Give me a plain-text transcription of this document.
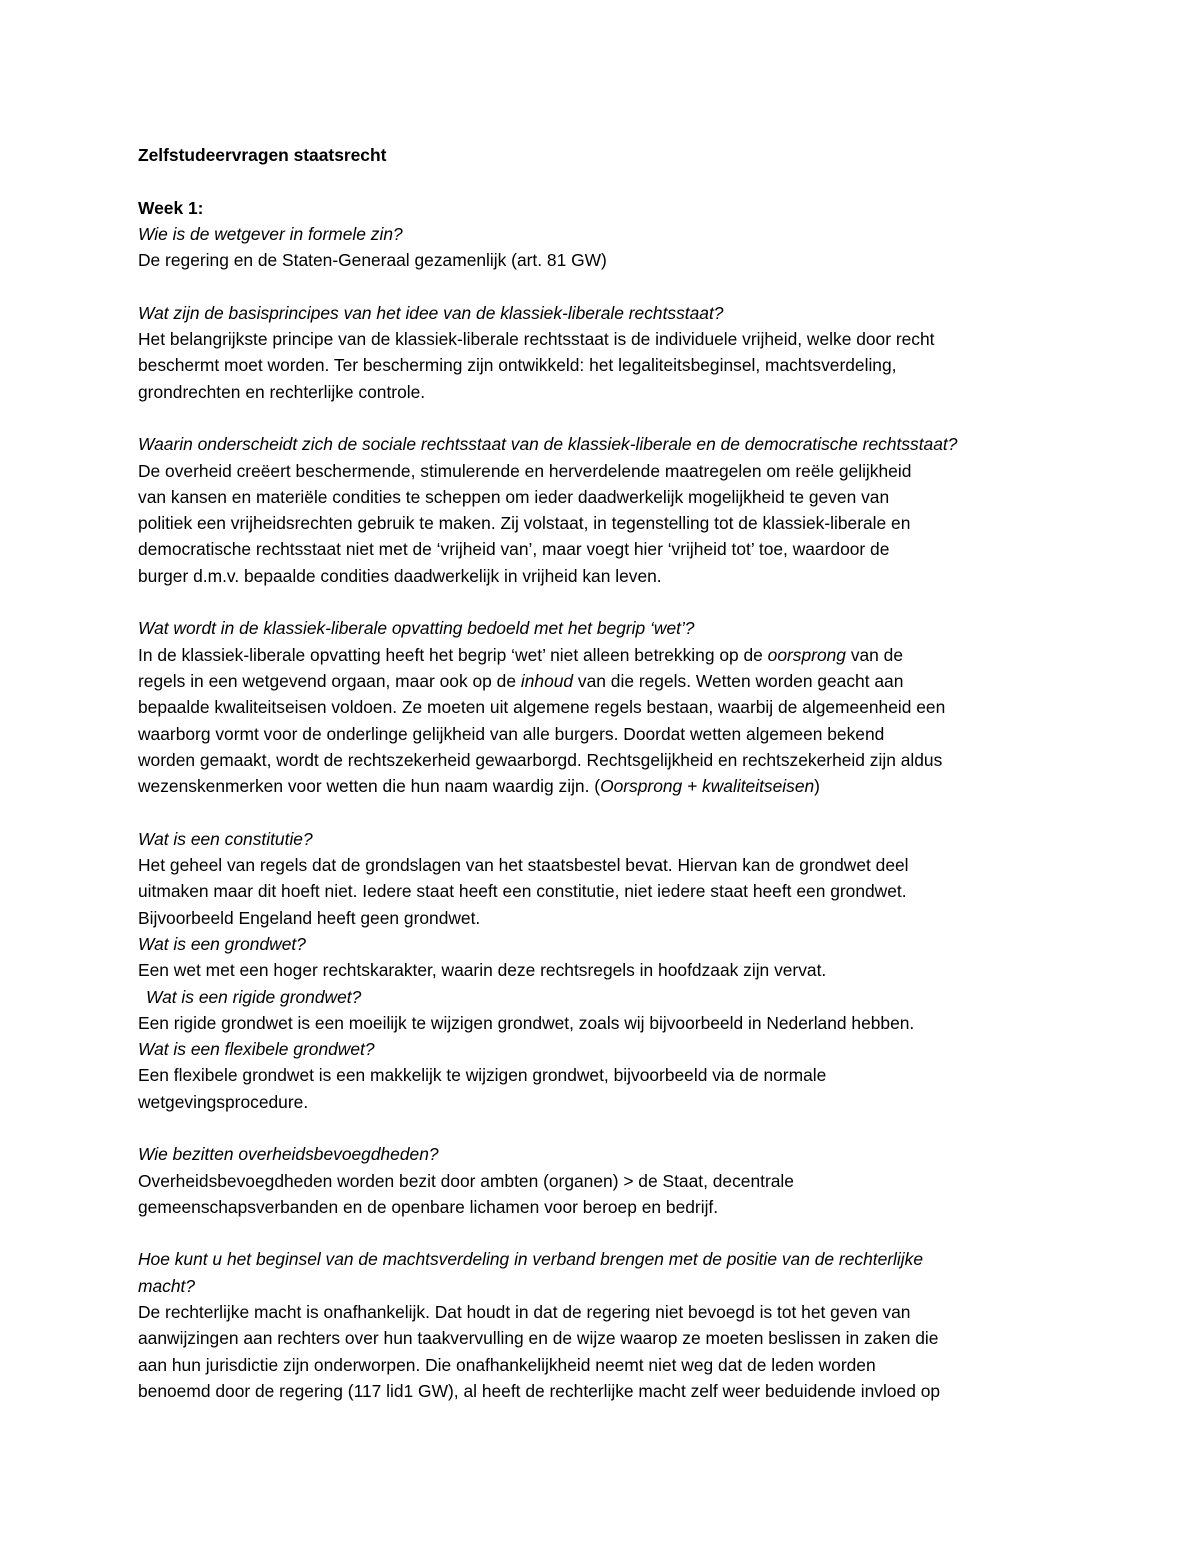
Zelfstudeervragen staatsrecht
Week 1:
Wie is de wetgever in formele zin?
De regering en de Staten-Generaal gezamenlijk (art. 81 GW)
Wat zijn de basisprincipes van het idee van de klassiek-liberale rechtsstaat?
Het belangrijkste principe van de klassiek-liberale rechtsstaat is de individuele vrijheid, welke door recht
beschermt moet worden. Ter bescherming zijn ontwikkeld: het legaliteitsbeginsel, machtsverdeling,
grondrechten en rechterlijke controle.
Waarin onderscheidt zich de sociale rechtsstaat van de klassiek-liberale en de democratische rechtsstaat?
De overheid creëert beschermende, stimulerende en herverdelende maatregelen om reële gelijkheid
van kansen en materiële condities te scheppen om ieder daadwerkelijk mogelijkheid te geven van
politiek een vrijheidsrechten gebruik te maken. Zij volstaat, in tegenstelling tot de klassiek-liberale en
democratische rechtsstaat niet met de ‘vrijheid van’, maar voegt hier ‘vrijheid tot’ toe, waardoor de
burger d.m.v. bepaalde condities daadwerkelijk in vrijheid kan leven.
Wat wordt in de klassiek-liberale opvatting bedoeld met het begrip ‘wet’?
In de klassiek-liberale opvatting heeft het begrip ‘wet’ niet alleen betrekking op de oorsprong van de
regels in een wetgevend orgaan, maar ook op de inhoud van die regels. Wetten worden geacht aan
bepaalde kwaliteitseisen voldoen. Ze moeten uit algemene regels bestaan, waarbij de algemeenheid een
waarborg vormt voor de onderlinge gelijkheid van alle burgers. Doordat wetten algemeen bekend
worden gemaakt, wordt de rechtszekerheid gewaarborgd. Rechtsgelijkheid en rechtszekerheid zijn aldus
wezenskenmerken voor wetten die hun naam waardig zijn. (Oorsprong + kwaliteitseisen)
Wat is een constitutie?
Het geheel van regels dat de grondslagen van het staatsbestel bevat. Hiervan kan de grondwet deel
uitmaken maar dit hoeft niet. Iedere staat heeft een constitutie, niet iedere staat heeft een grondwet.
Bijvoorbeeld Engeland heeft geen grondwet.
Wat is een grondwet?
Een wet met een hoger rechtskarakter, waarin deze rechtsregels in hoofdzaak zijn vervat.
Wat is een rigide grondwet?
Een rigide grondwet is een moeilijk te wijzigen grondwet, zoals wij bijvoorbeeld in Nederland hebben.
Wat is een flexibele grondwet?
Een flexibele grondwet is een makkelijk te wijzigen grondwet, bijvoorbeeld via de normale
wetgevingsprocedure.
Wie bezitten overheidsbevoegdheden?
Overheidsbevoegdheden worden bezit door ambten (organen) > de Staat, decentrale
gemeenschapsverbanden en de openbare lichamen voor beroep en bedrijf.
Hoe kunt u het beginsel van de machtsverdeling in verband brengen met de positie van de rechterlijke
macht?
De rechterlijke macht is onafhankelijk. Dat houdt in dat de regering niet bevoegd is tot het geven van
aanwijzingen aan rechters over hun taakvervulling en de wijze waarop ze moeten beslissen in zaken die
aan hun jurisdictie zijn onderworpen. Die onafhankelijkheid neemt niet weg dat de leden worden
benoemd door de regering (117 lid1 GW), al heeft de rechterlijke macht zelf weer beduidende invloed op
